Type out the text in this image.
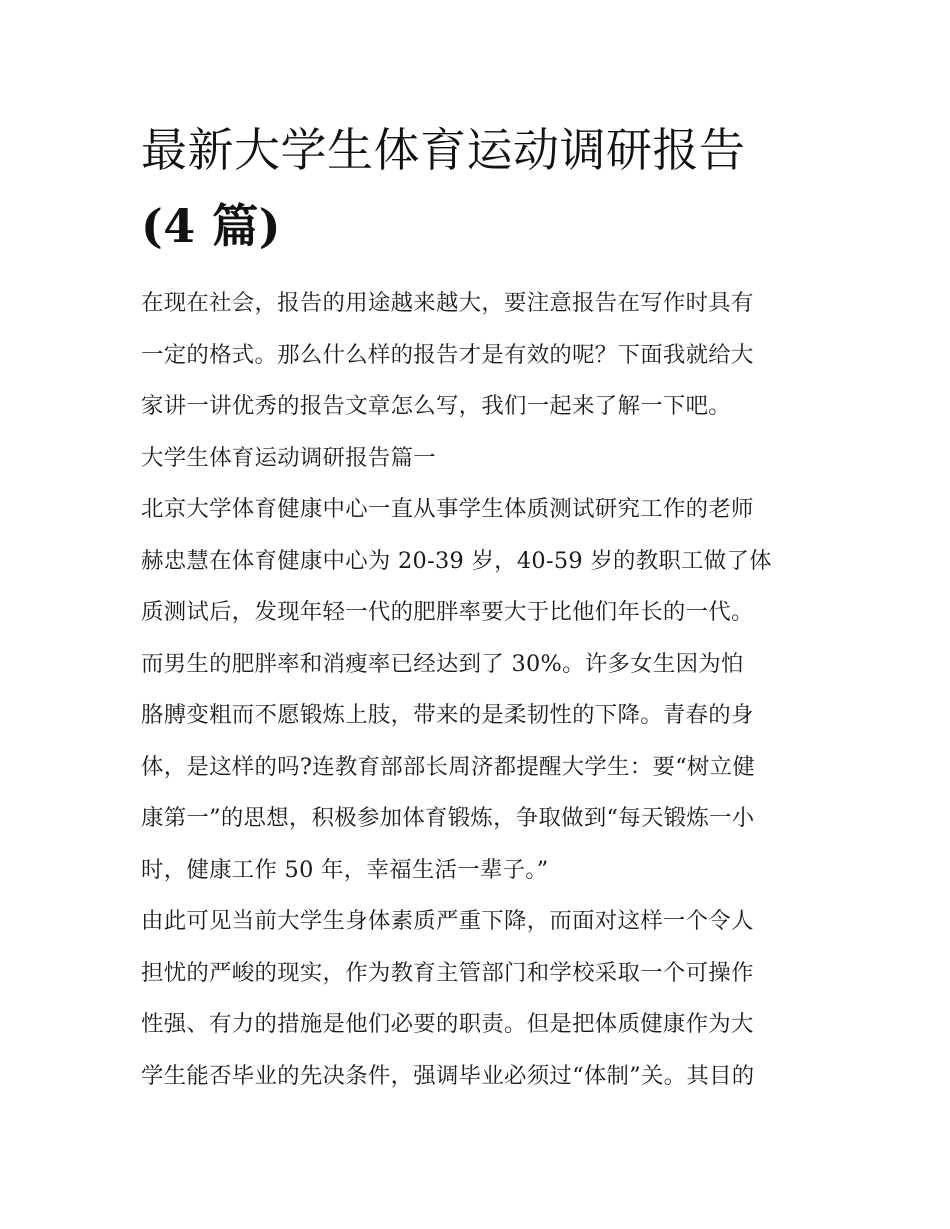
最新大学生体育运动调研报告
(4 篇)

在现在社会，报告的用途越来越大，要注意报告在写作时具有
一定的格式。那么什么样的报告才是有效的呢？下面我就给大
家讲一讲优秀的报告文章怎么写，我们一起来了解一下吧。

大学生体育运动调研报告篇一

北京大学体育健康中心一直从事学生体质测试研究工作的老师
赫忠慧在体育健康中心为 20-39 岁，40-59 岁的教职工做了体
质测试后，发现年轻一代的肥胖率要大于比他们年长的一代。
而男生的肥胖率和消瘦率已经达到了 30%。许多女生因为怕
胳膊变粗而不愿锻炼上肢，带来的是柔韧性的下降。青春的身
体，是这样的吗?连教育部部长周济都提醒大学生：要“树立健
康第一”的思想，积极参加体育锻炼，争取做到“每天锻炼一小
时，健康工作 50 年，幸福生活一辈子。”

由此可见当前大学生身体素质严重下降，而面对这样一个令人
担忧的严峻的现实，作为教育主管部门和学校采取一个可操作
性强、有力的措施是他们必要的职责。但是把体质健康作为大
学生能否毕业的先决条件，强调毕业必须过“体制”关。其目的
